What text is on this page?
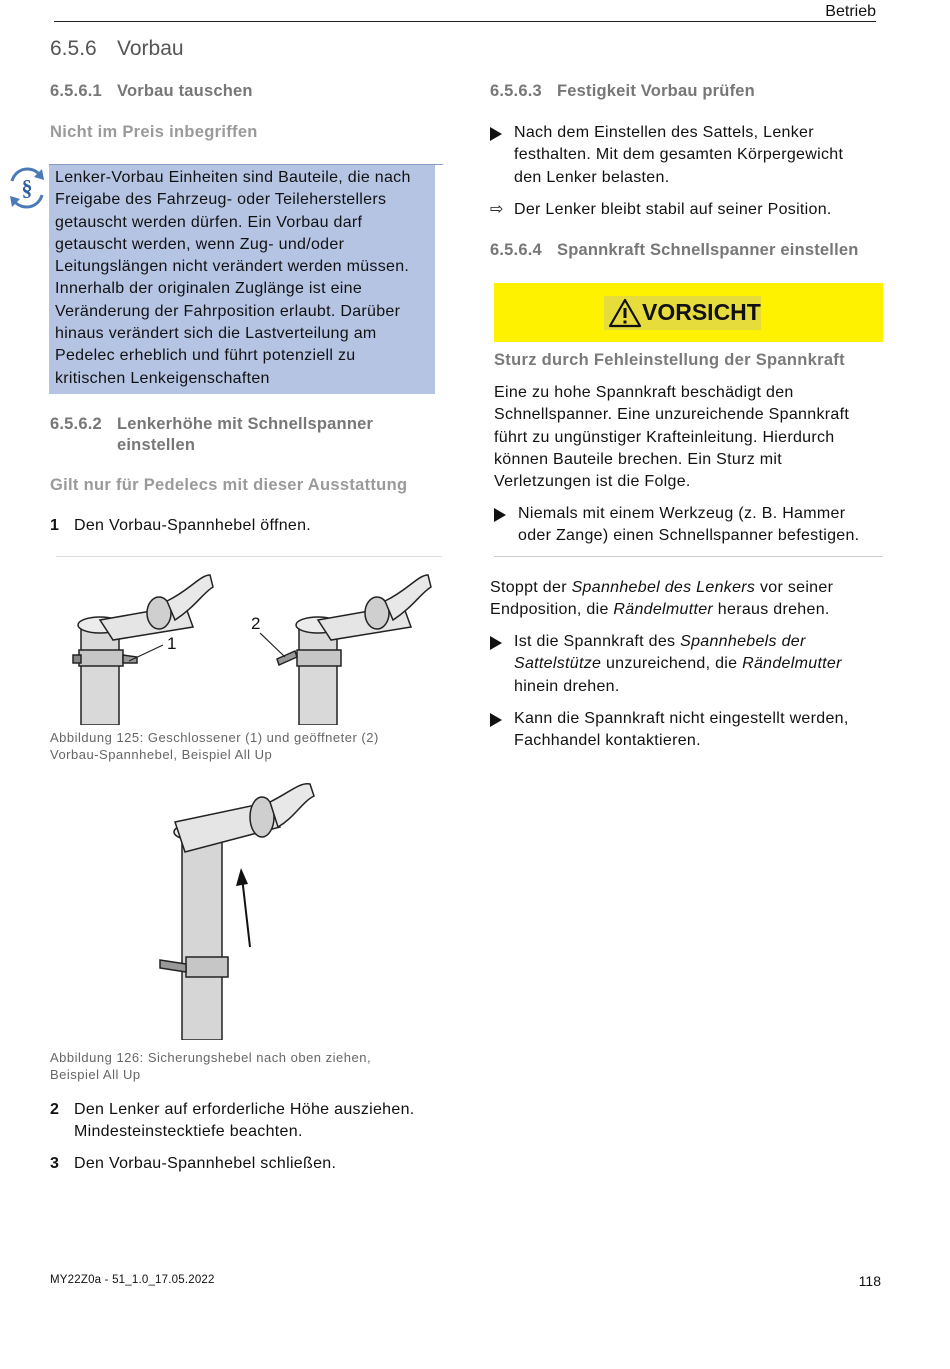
Betrieb
6.5.6 Vorbau
6.5.6.1 Vorbau tauschen
Nicht im Preis inbegriffen
§ Lenker-Vorbau Einheiten sind Bauteile, die nach
Freigabe des Fahrzeug- oder Teileherstellers
getauscht werden dürfen. Ein Vorbau darf
getauscht werden, wenn Zug- und/oder
Leitungslängen nicht verändert werden müssen.
Innerhalb der originalen Zuglänge ist eine
Veränderung der Fahrposition erlaubt. Darüber
hinaus verändert sich die Lastverteilung am
Pedelec erheblich und führt potenziell zu
kritischen Lenkeigenschaften
6.5.6.2 Lenkerhöhe mit Schnellspanner
einstellen
Gilt nur für Pedelecs mit dieser Ausstattung
1 Den Vorbau-Spannhebel öffnen.
1
2
Abbildung 125: Geschlossener (1) und geöffneter (2)
Vorbau-Spannhebel, Beispiel All Up
Abbildung 126: Sicherungshebel nach oben ziehen,
Beispiel All Up
2 Den Lenker auf erforderliche Höhe ausziehen.
Mindesteinstecktiefe beachten.
3 Den Vorbau-Spannhebel schließen.
6.5.6.3 Festigkeit Vorbau prüfen
Nach dem Einstellen des Sattels, Lenker
festhalten. Mit dem gesamten Körpergewicht
den Lenker belasten.
⇨ Der Lenker bleibt stabil auf seiner Position.
6.5.6.4 Spannkraft Schnellspanner einstellen
VORSICHT
Sturz durch Fehleinstellung der Spannkraft
Eine zu hohe Spannkraft beschädigt den
Schnellspanner. Eine unzureichende Spannkraft
führt zu ungünstiger Krafteinleitung. Hierdurch
können Bauteile brechen. Ein Sturz mit
Verletzungen ist die Folge.
Niemals mit einem Werkzeug (z. B. Hammer
oder Zange) einen Schnellspanner befestigen.
Stoppt der Spannhebel des Lenkers vor seiner
Endposition, die Rändelmutter heraus drehen.
Ist die Spannkraft des Spannhebels der
Sattelstütze unzureichend, die Rändelmutter
hinein drehen.
Kann die Spannkraft nicht eingestellt werden,
Fachhandel kontaktieren.
MY22Z0a - 51_1.0_17.05.2022	118
